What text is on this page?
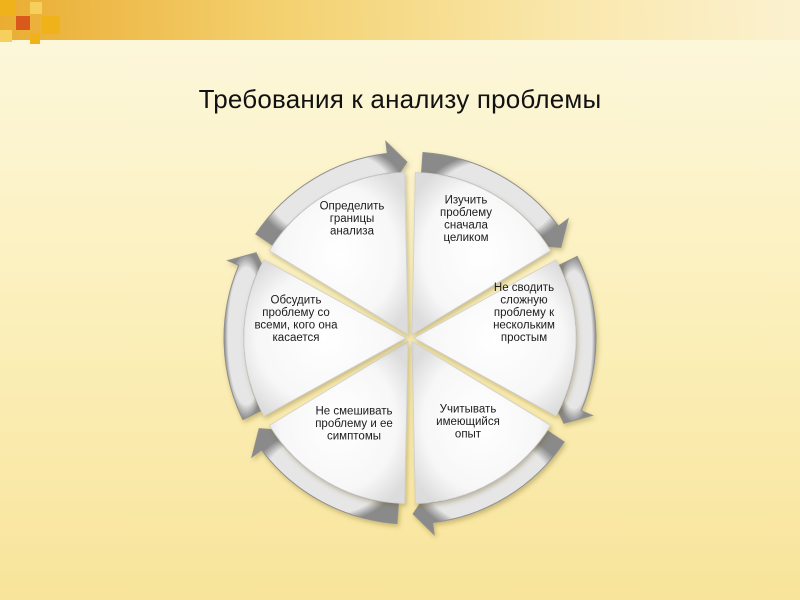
Требования к анализу проблемы
Определить границы анализа
Изучить проблему сначала целиком
Не сводить сложную проблему к нескольким простым
Учитывать имеющийся опыт
Не смешивать проблему и ее симптомы
Обсудить проблему со всеми, кого она касается
